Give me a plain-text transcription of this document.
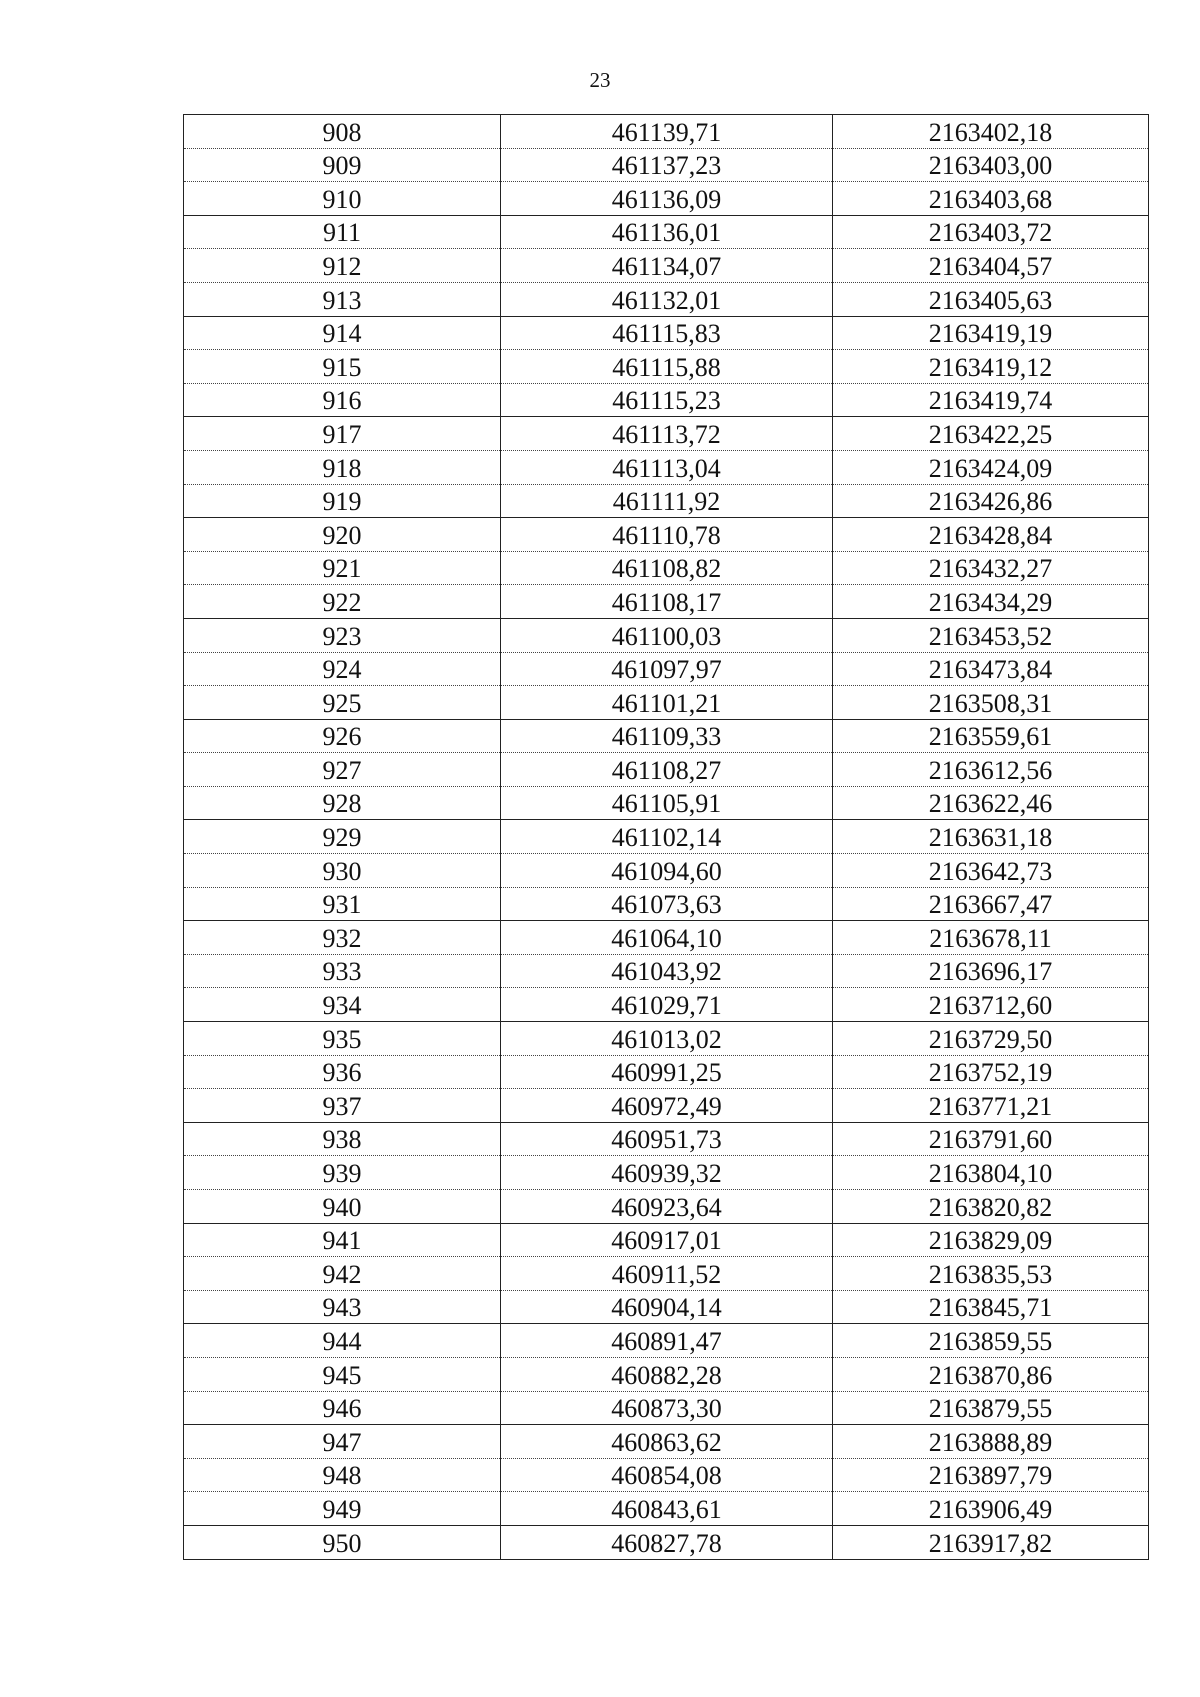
23
908	461139,71	2163402,18
909	461137,23	2163403,00
910	461136,09	2163403,68
911	461136,01	2163403,72
912	461134,07	2163404,57
913	461132,01	2163405,63
914	461115,83	2163419,19
915	461115,88	2163419,12
916	461115,23	2163419,74
917	461113,72	2163422,25
918	461113,04	2163424,09
919	461111,92	2163426,86
920	461110,78	2163428,84
921	461108,82	2163432,27
922	461108,17	2163434,29
923	461100,03	2163453,52
924	461097,97	2163473,84
925	461101,21	2163508,31
926	461109,33	2163559,61
927	461108,27	2163612,56
928	461105,91	2163622,46
929	461102,14	2163631,18
930	461094,60	2163642,73
931	461073,63	2163667,47
932	461064,10	2163678,11
933	461043,92	2163696,17
934	461029,71	2163712,60
935	461013,02	2163729,50
936	460991,25	2163752,19
937	460972,49	2163771,21
938	460951,73	2163791,60
939	460939,32	2163804,10
940	460923,64	2163820,82
941	460917,01	2163829,09
942	460911,52	2163835,53
943	460904,14	2163845,71
944	460891,47	2163859,55
945	460882,28	2163870,86
946	460873,30	2163879,55
947	460863,62	2163888,89
948	460854,08	2163897,79
949	460843,61	2163906,49
950	460827,78	2163917,82
